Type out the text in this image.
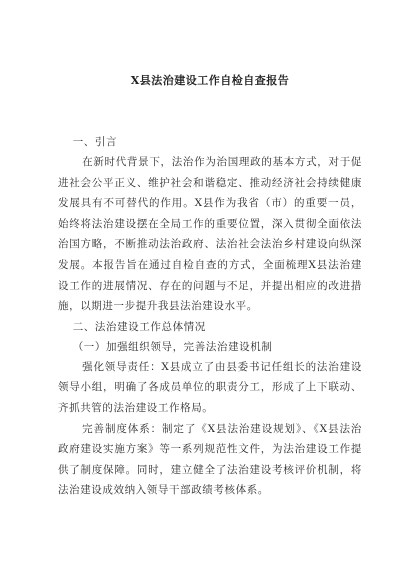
X县法治建设工作自检自查报告

一、引言

在新时代背景下，法治作为治国理政的基本方式，对于促进社会公平正义、维护社会和谐稳定、推动经济社会持续健康发展具有不可替代的作用。X县作为我省（市）的重要一员，始终将法治建设摆在全局工作的重要位置，深入贯彻全面依法治国方略，不断推动法治政府、法治社会法治乡村建设向纵深发展。本报告旨在通过自检自查的方式，全面梳理X县法治建设工作的进展情况、存在的问题与不足，并提出相应的改进措施，以期进一步提升我县法治建设水平。

二、法治建设工作总体情况

（一）加强组织领导，完善法治建设机制

强化领导责任：X县成立了由县委书记任组长的法治建设领导小组，明确了各成员单位的职责分工，形成了上下联动、齐抓共管的法治建设工作格局。

完善制度体系：制定了《X县法治建设规划》、《X县法治政府建设实施方案》等一系列规范性文件，为法治建设工作提供了制度保障。同时，建立健全了法治建设考核评价机制，将法治建设成效纳入领导干部政绩考核体系。
